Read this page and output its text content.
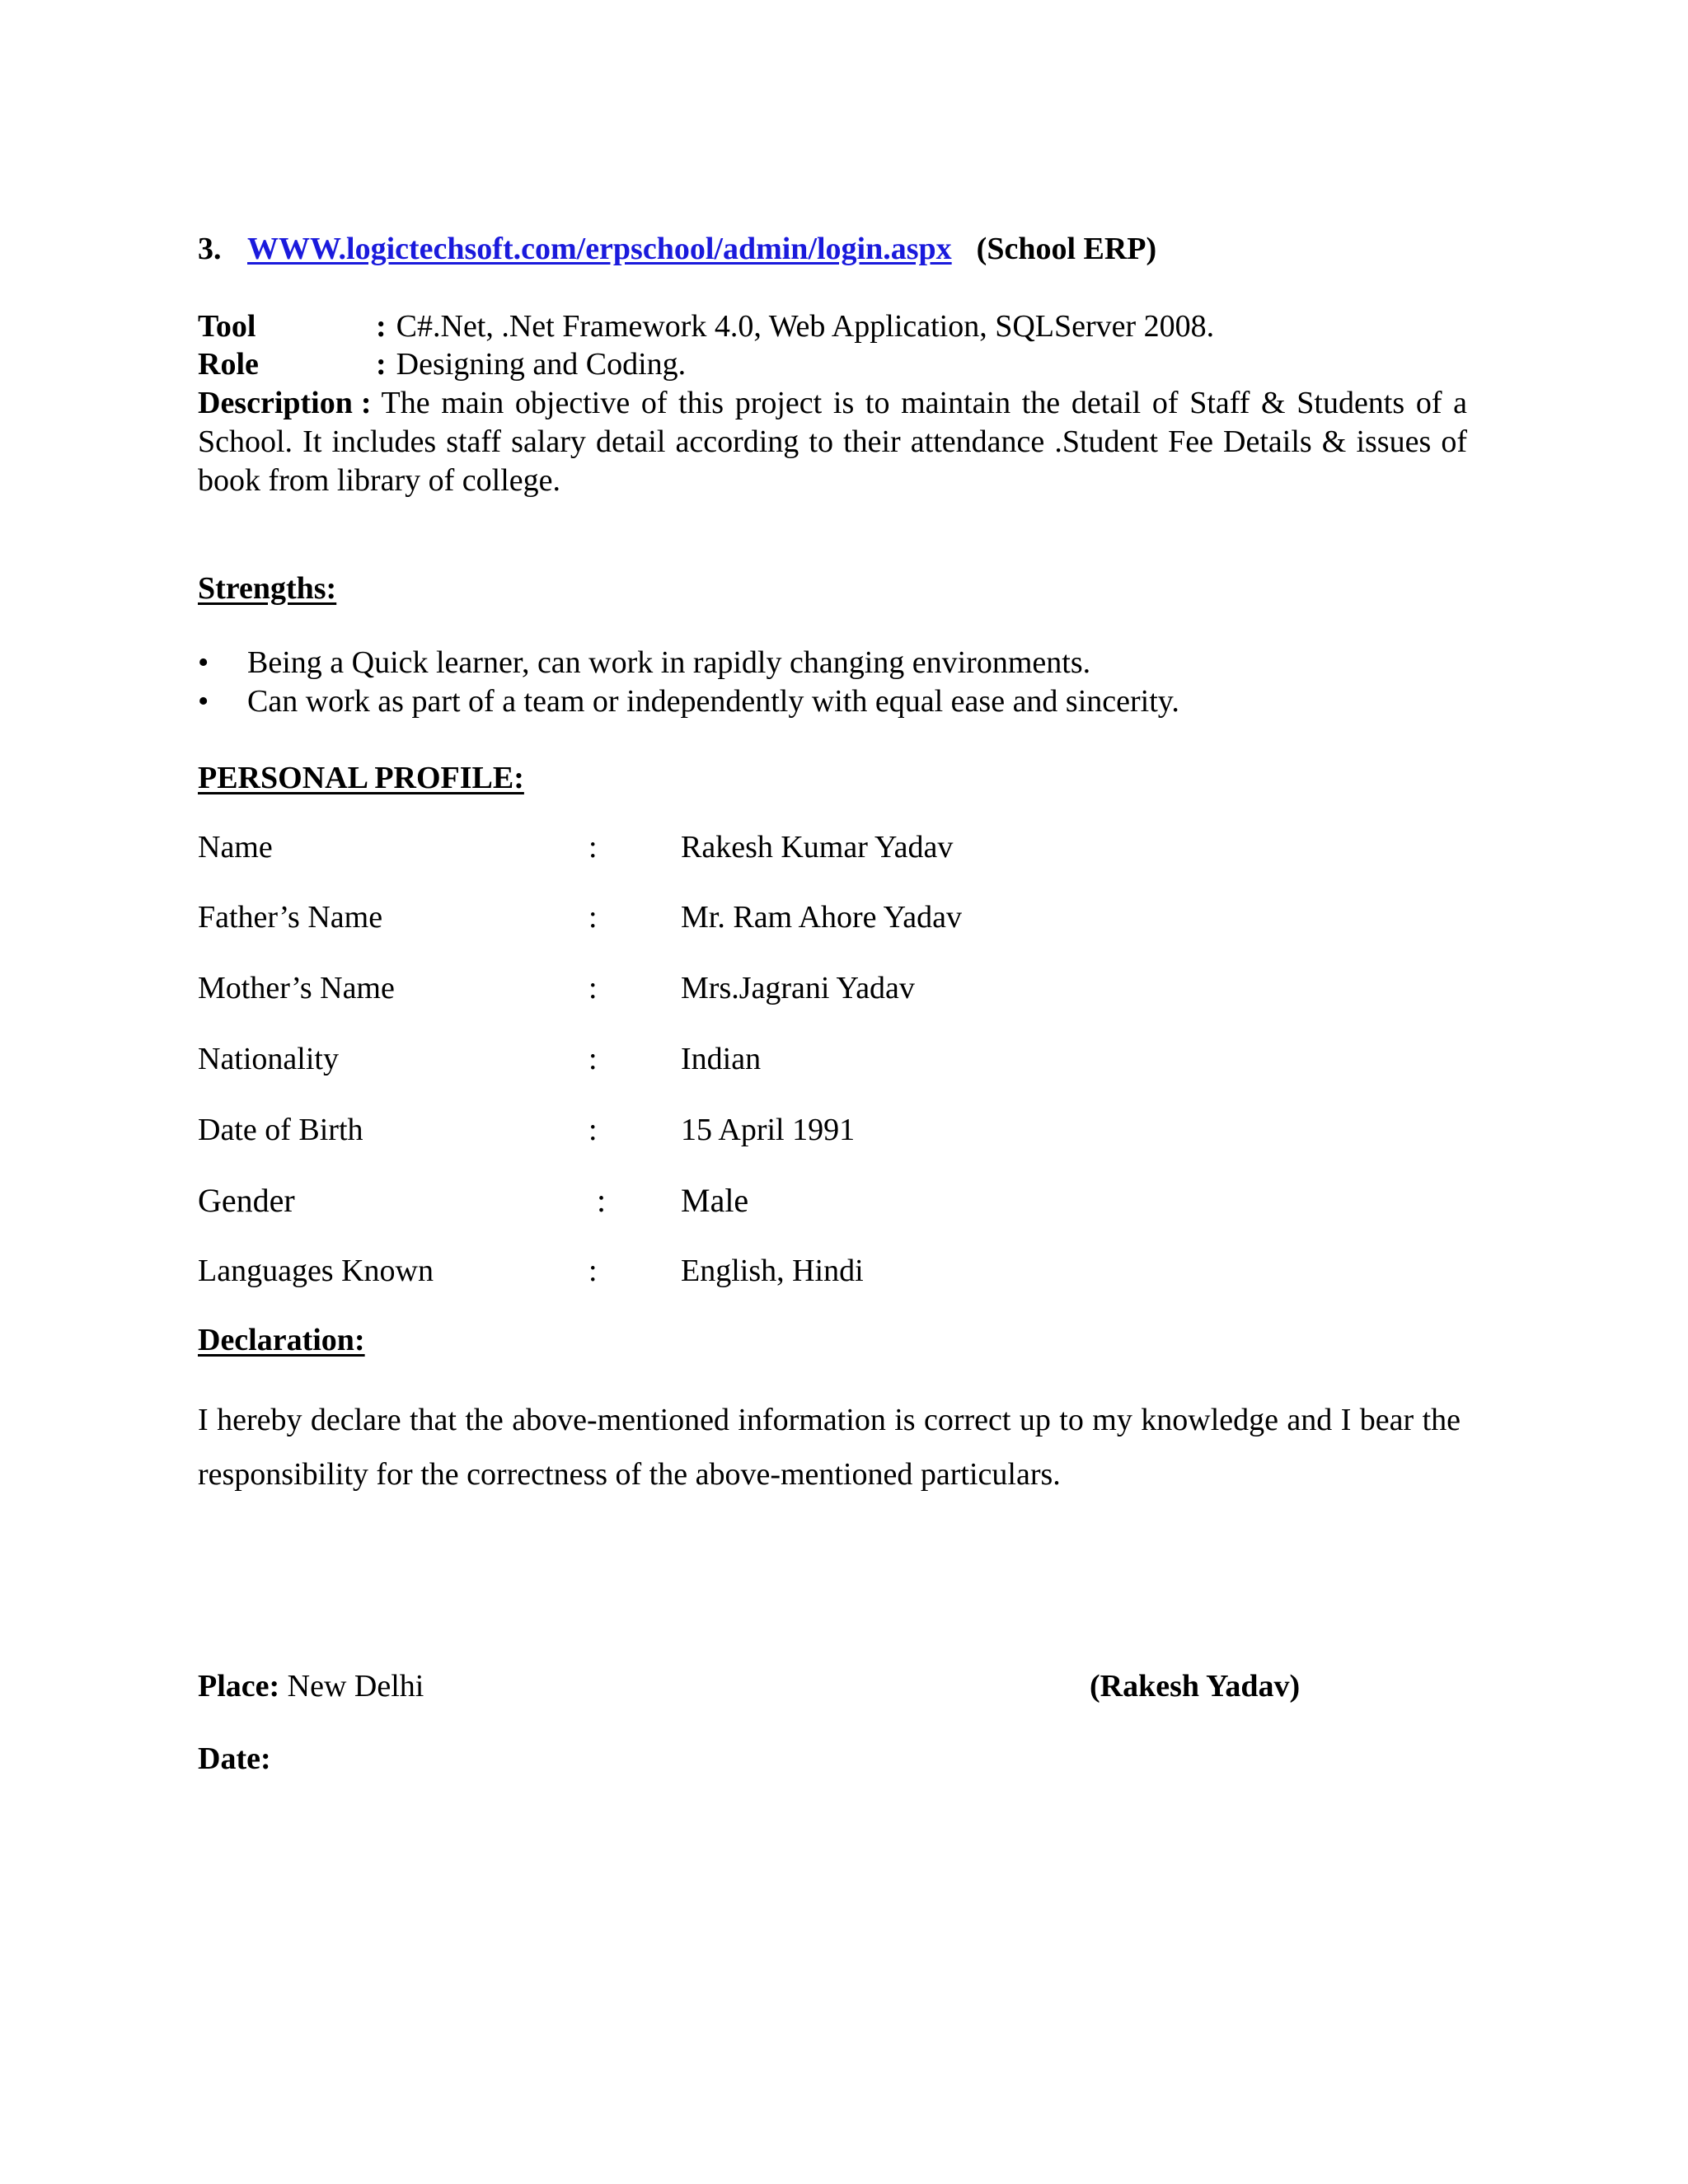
3. WWW.logictechsoft.com/erpschool/admin/login.aspx (School ERP)
Tool	: C#.Net, .Net Framework 4.0, Web Application, SQLServer 2008.
Role	: Designing and Coding.
Description : The main objective of this project is to maintain the detail of Staff & Students of a School. It includes staff salary detail according to their attendance .Student Fee Details & issues of book from library of college.
Strengths:
• Being a Quick learner, can work in rapidly changing environments.
• Can work as part of a team or independently with equal ease and sincerity.
PERSONAL PROFILE:
Name	:	Rakesh Kumar Yadav
Father’s Name	:	Mr. Ram Ahore Yadav
Mother’s Name	:	Mrs.Jagrani Yadav
Nationality	:	Indian
Date of Birth	:	15 April 1991
Gender	: Male
Languages Known	:	English, Hindi
Declaration:
I hereby declare that the above-mentioned information is correct up to my knowledge and I bear the responsibility for the correctness of the above-mentioned particulars.
Place: New Delhi	(Rakesh Yadav)
Date:
